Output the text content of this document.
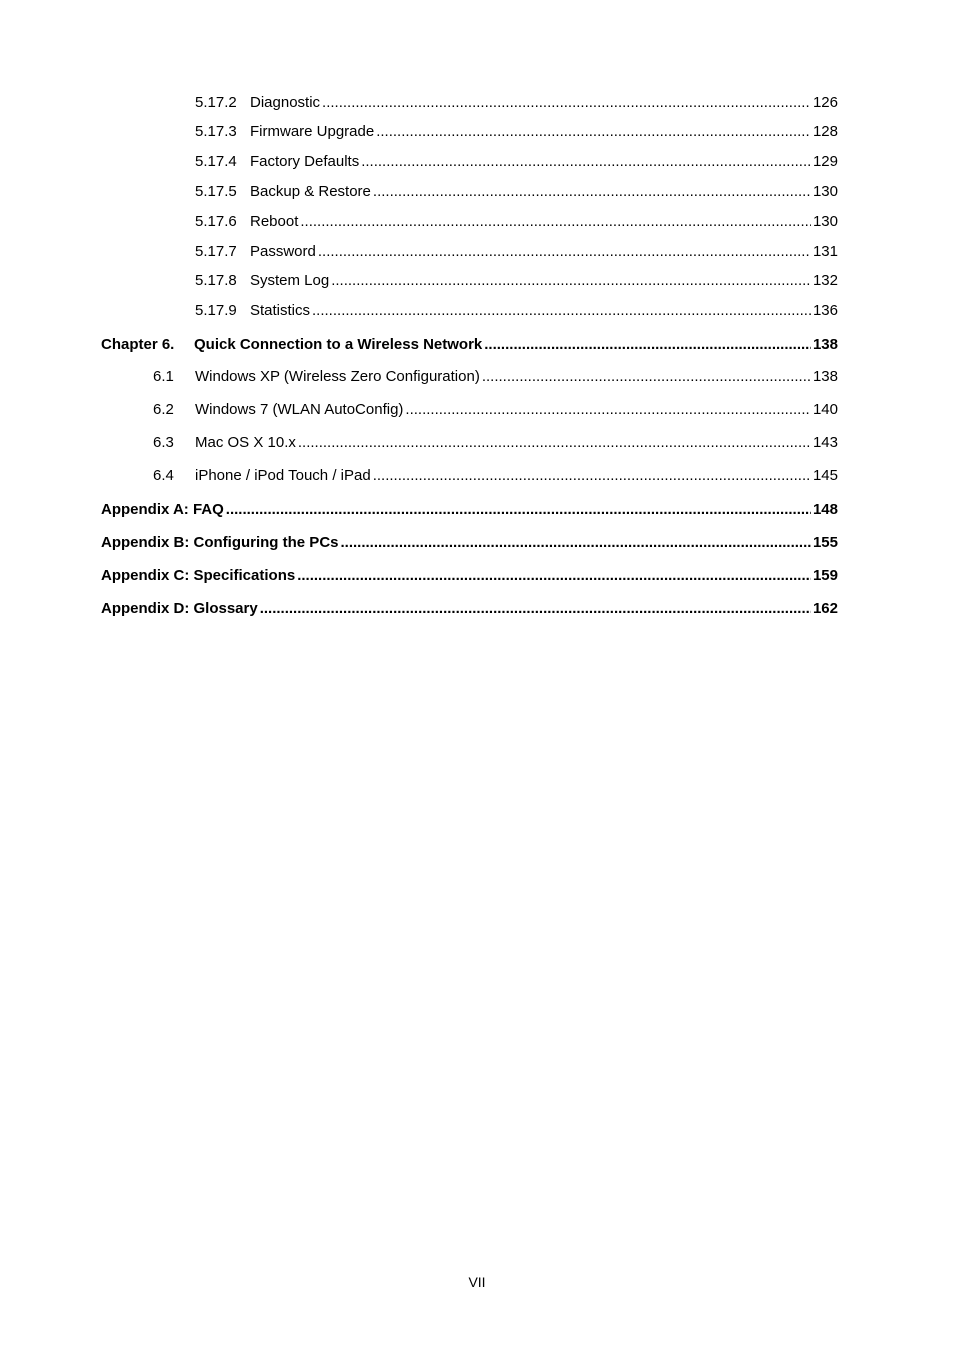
5.17.2 Diagnostic .....	126
5.17.3 Firmware Upgrade .....	128
5.17.4 Factory Defaults .....	129
5.17.5 Backup & Restore .....	130
5.17.6 Reboot .....	130
5.17.7 Password .....	131
5.17.8 System Log .....	132
5.17.9 Statistics .....	136
Chapter 6.	Quick Connection to a Wireless Network .....	138
6.1	Windows XP (Wireless Zero Configuration) .....	138
6.2	Windows 7 (WLAN AutoConfig) .....	140
6.3	Mac OS X 10.x .....	143
6.4	iPhone / iPod Touch / iPad .....	145
Appendix A: FAQ .....	148
Appendix B: Configuring the PCs .....	155
Appendix C: Specifications .....	159
Appendix D: Glossary .....	162
VII
